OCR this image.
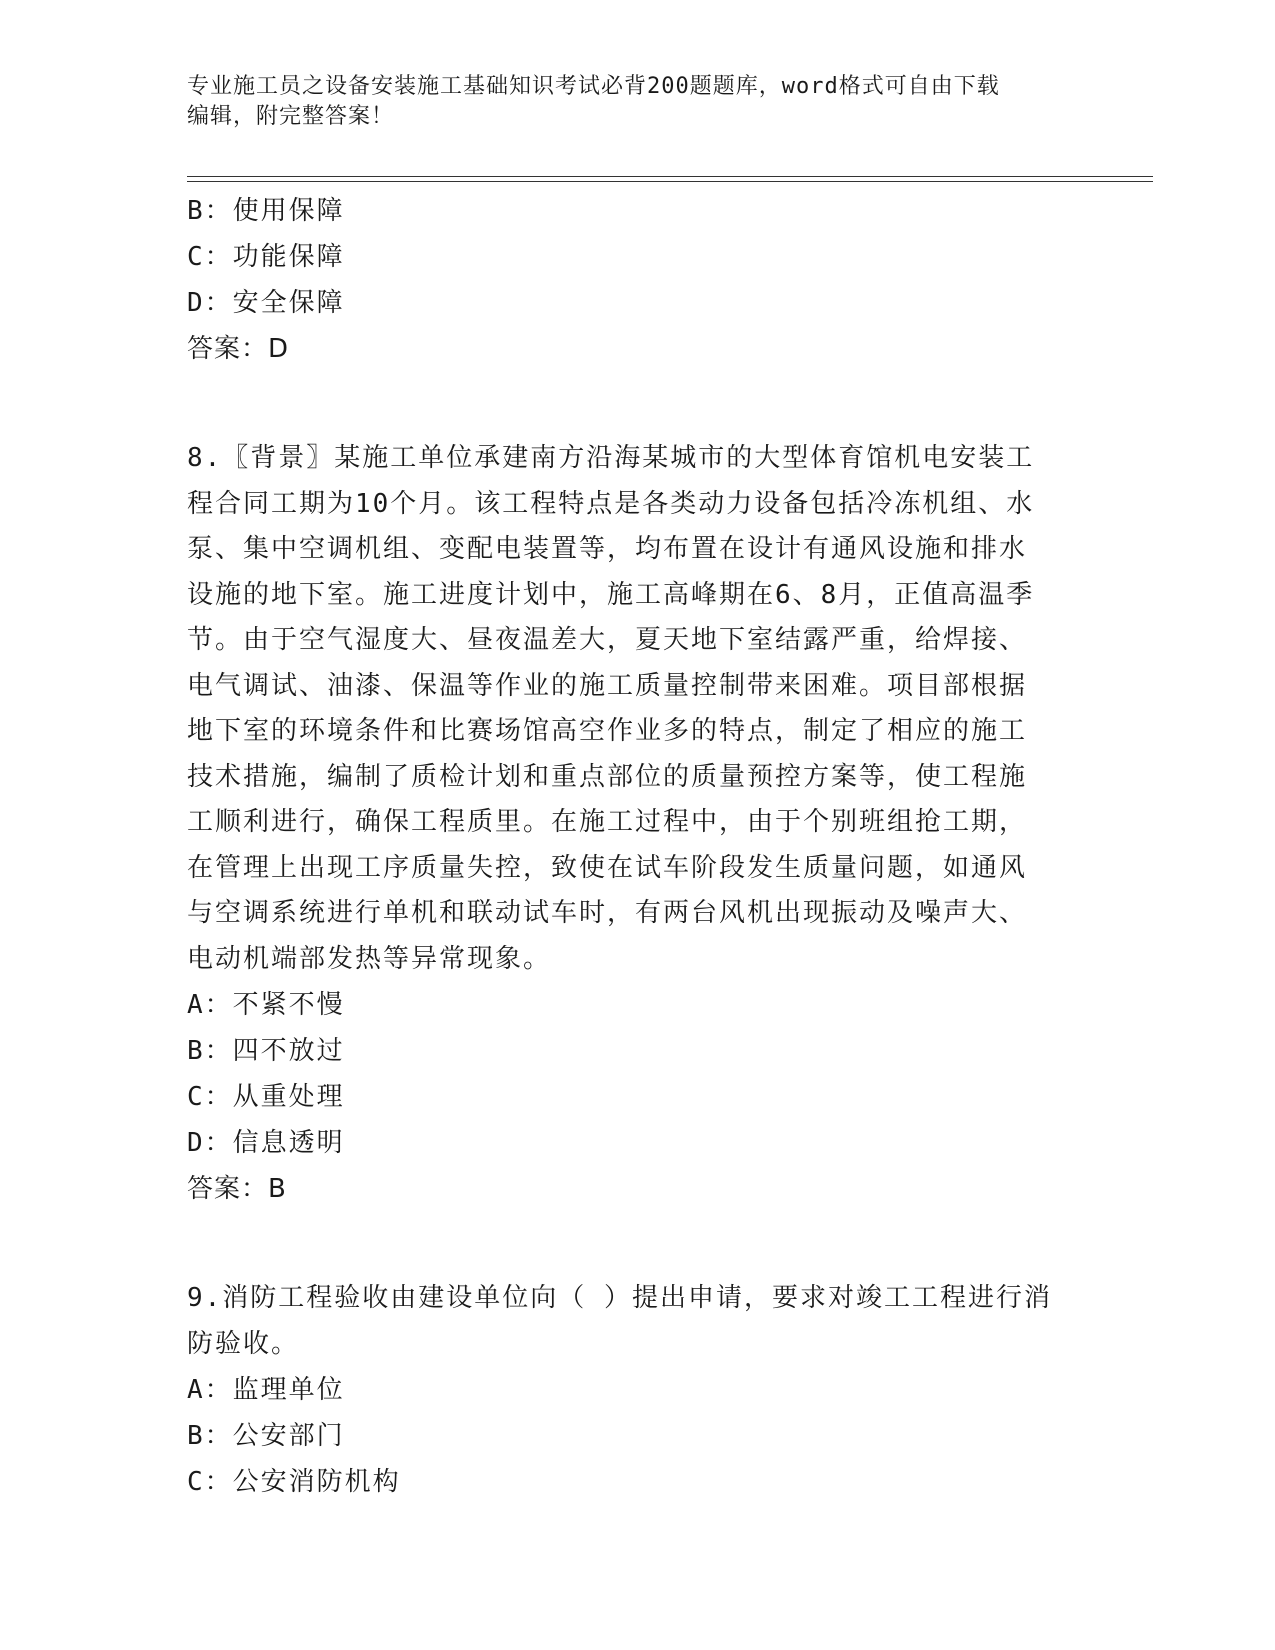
专业施工员之设备安装施工基础知识考试必背200题题库，word格式可自由下载
编辑，附完整答案！
B：使用保障
C：功能保障
D：安全保障
答案：D
8.〖背景〗某施工单位承建南方沿海某城市的大型体育馆机电安装工
程合同工期为10个月。该工程特点是各类动力设备包括冷冻机组、水
泵、集中空调机组、变配电装置等，均布置在设计有通风设施和排水
设施的地下室。施工进度计划中，施工高峰期在6、8月，正值高温季
节。由于空气湿度大、昼夜温差大，夏天地下室结露严重，给焊接、
电气调试、油漆、保温等作业的施工质量控制带来困难。项目部根据
地下室的环境条件和比赛场馆高空作业多的特点，制定了相应的施工
技术措施，编制了质检计划和重点部位的质量预控方案等，使工程施
工顺利进行，确保工程质里。在施工过程中，由于个别班组抢工期，
在管理上出现工序质量失控，致使在试车阶段发生质量问题，如通风
与空调系统进行单机和联动试车时，有两台风机出现振动及噪声大、
电动机端部发热等异常现象。
A：不紧不慢
B：四不放过
C：从重处理
D：信息透明
答案：B
9.消防工程验收由建设单位向（ ）提出申请，要求对竣工工程进行消
防验收。
A：监理单位
B：公安部门
C：公安消防机构
